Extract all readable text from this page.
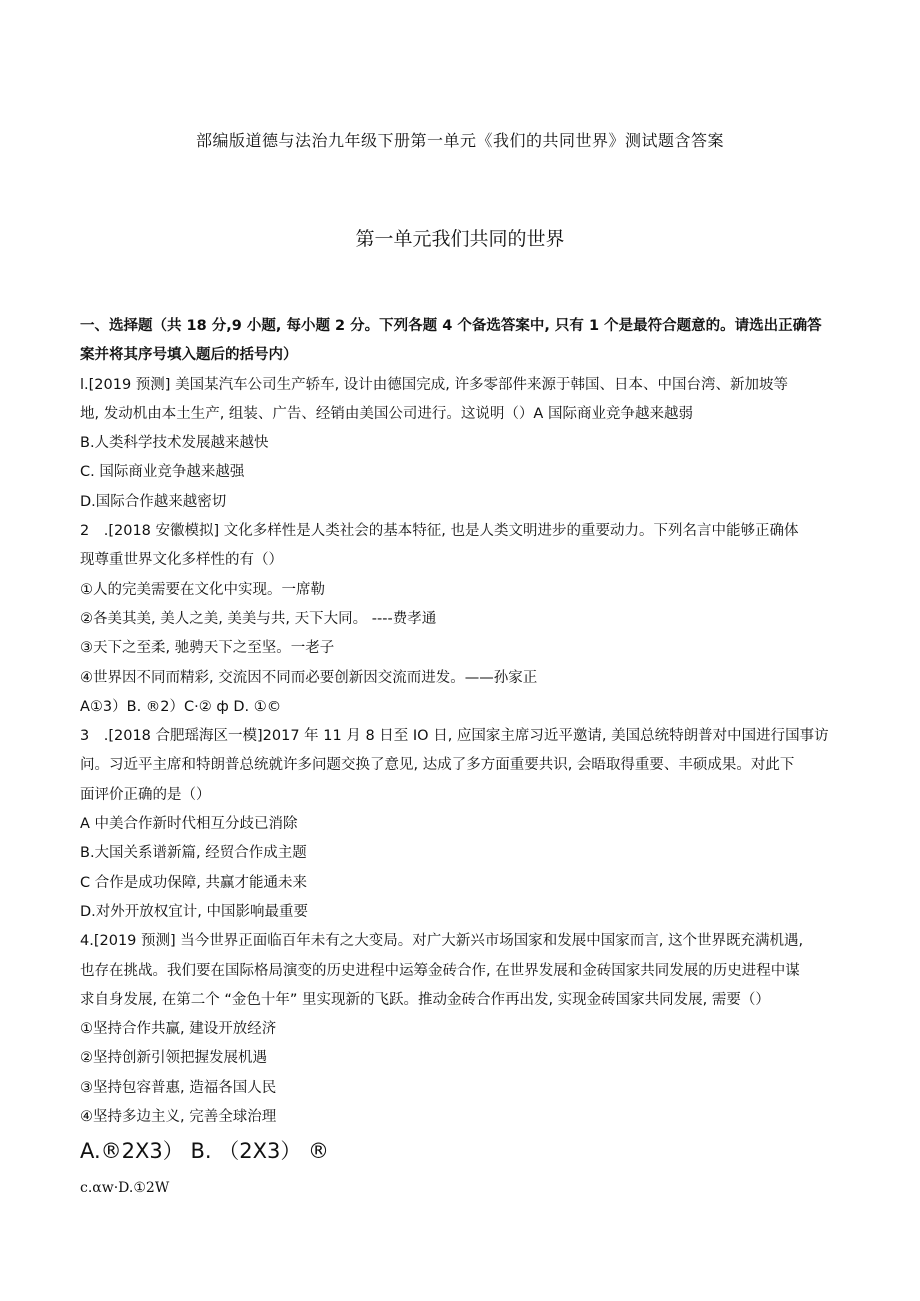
部编版道德与法治九年级下册第一单元《我们的共同世界》测试题含答案
第一单元我们共同的世界
一、选择题（共 18 分,9 小题, 每小题 2 分。下列各题 4 个备选答案中, 只有 1 个是最符合题意的。请选出正确答
案并将其序号填入题后的括号内）
l.[2019 预测] 美国某汽车公司生产轿车, 设计由德国完成, 许多零部件来源于韩国、日本、中国台湾、新加坡等
地, 发动机由本土生产, 组装、广告、经销由美国公司进行。这说明（）A 国际商业竞争越来越弱
B.人类科学技术发展越来越快
C. 国际商业竞争越来越强
D.国际合作越来越密切
2　.[2018 安徽模拟] 文化多样性是人类社会的基本特征, 也是人类文明进步的重要动力。下列名言中能够正确体
现尊重世界文化多样性的有（）
①人的完美需要在文化中实现。一席勒
②各美其美, 美人之美, 美美与共, 天下大同。 ----费孝通
③天下之至柔, 驰骋天下之至坚。一老子
④世界因不同而精彩, 交流因不同而必要创新因交流而进发。——孙家正
A①3）B. ®2）C·② ф D. ①©
3　.[2018 合肥瑶海区一模]2017 年 11 月 8 日至 IO 日, 应国家主席习近平邀请, 美国总统特朗普对中国进行国事访
问。习近平主席和特朗普总统就许多问题交换了意见, 达成了多方面重要共识, 会晤取得重要、丰硕成果。对此下
面评价正确的是（）
A 中美合作新时代相互分歧已消除
B.大国关系谱新篇, 经贸合作成主题
C 合作是成功保障, 共赢才能通未来
D.对外开放权宜计, 中国影响最重要
4.[2019 预测] 当今世界正面临百年未有之大变局。对广大新兴市场国家和发展中国家而言, 这个世界既充满机遇,
也存在挑战。我们要在国际格局演变的历史进程中运筹金砖合作, 在世界发展和金砖国家共同发展的历史进程中谋
求自身发展, 在第二个 “金色十年” 里实现新的飞跃。推动金砖合作再出发, 实现金砖国家共同发展, 需要（）
①坚持合作共赢, 建设开放经济
②坚持创新引领把握发展机遇
③坚持包容普惠, 造福各国人民
④坚持多边主义, 完善全球治理
A.®2X3） B. （2X3） ®
c.αw·D.①2W
